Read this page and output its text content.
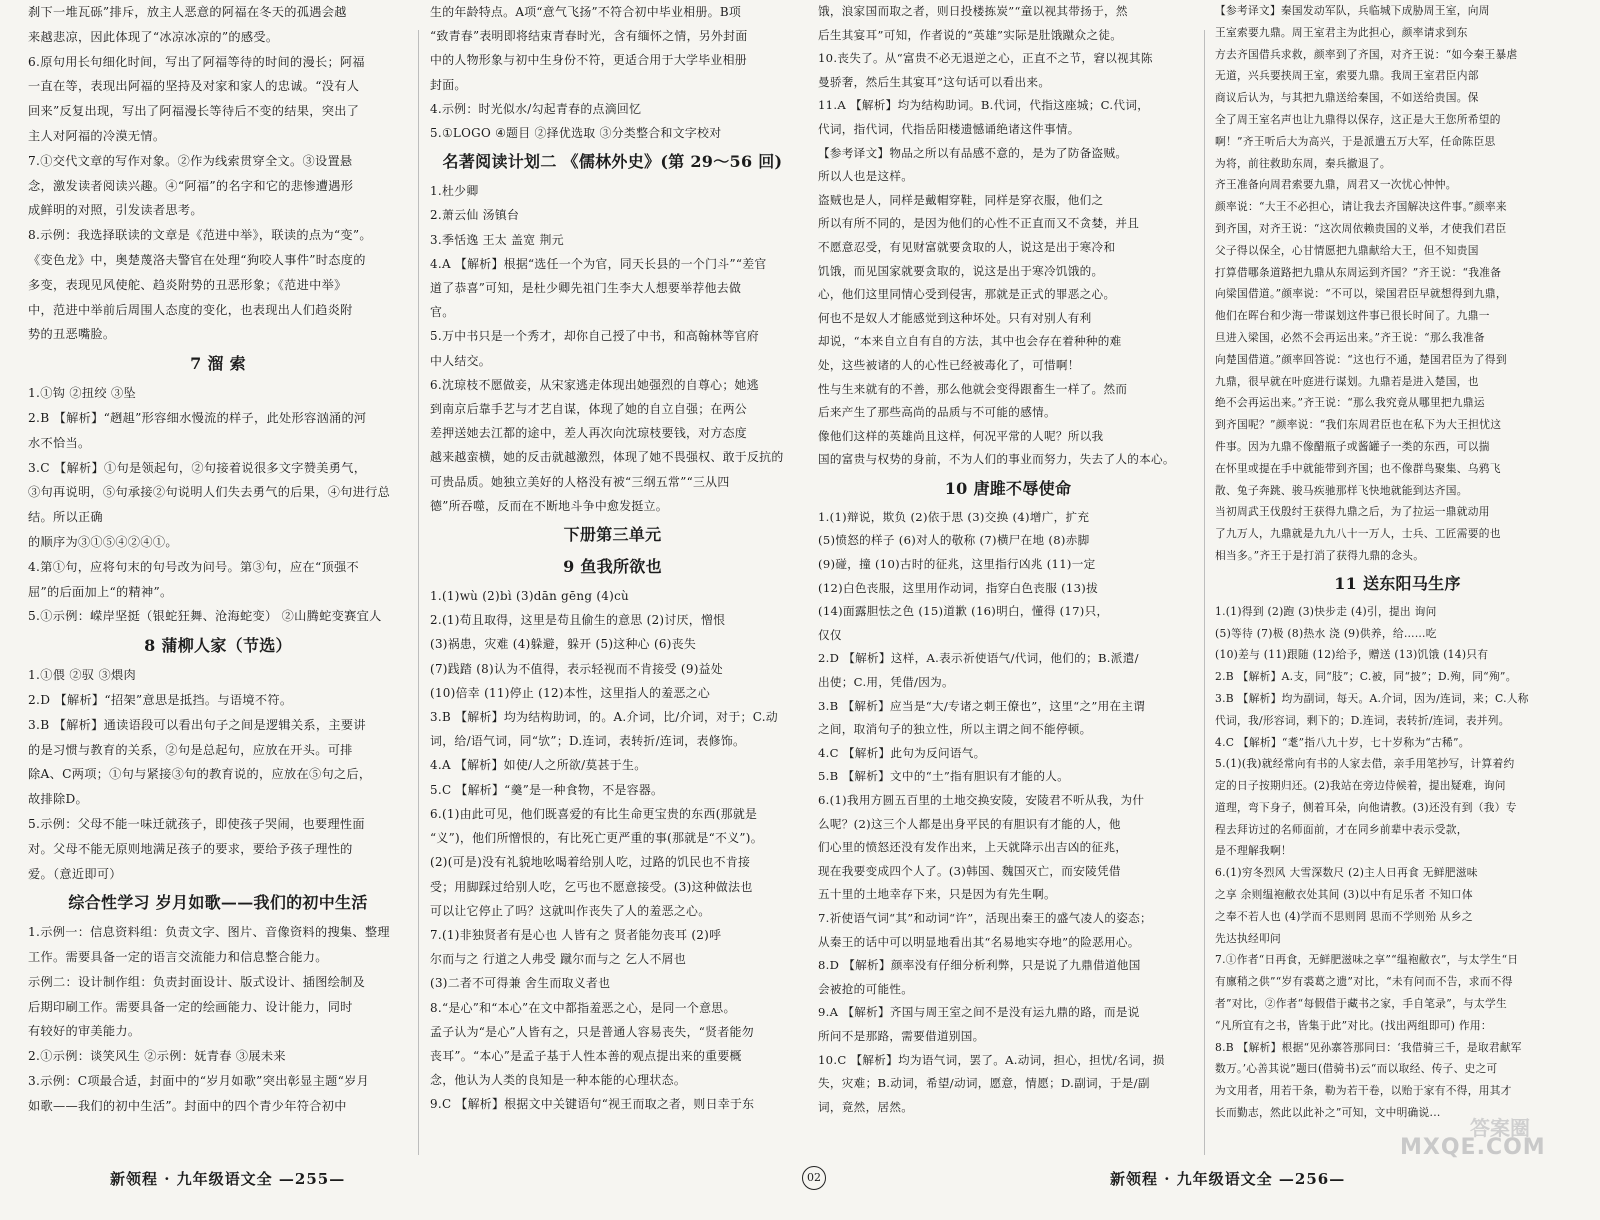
刹下一堆瓦砾”排斥，放主人恶意的阿福在冬天的孤遇会越

来越悲凉，因此体现了“冰凉冰凉的”的感受。

6.原句用长句细化时间，写出了阿福等待的时间的漫长；阿福

一直在等，表现出阿福的坚持及对家和家人的忠诚。“没有人

回来”反复出现，写出了阿福漫长等待后不变的结果，突出了

主人对阿福的冷漠无情。

7.①交代文章的写作对象。②作为线索贯穿全文。③设置悬

念，激发读者阅读兴趣。④“阿福”的名字和它的悲惨遭遇形

成鲜明的对照，引发读者思考。

8.示例：我选择联读的文章是《范进中举》，联读的点为“变”。

《变色龙》中，奥楚蔑洛夫警官在处理“狗咬人事件”时态度的

多变，表现见风使舵、趋炎附势的丑恶形象；《范进中举》

中，范进中举前后周围人态度的变化，也表现出人们趋炎附

势的丑恶嘴脸。

7 溜 索

1.①钩 ②扭绞 ③坠

2.B 【解析】“趔趄”形容细水慢流的样子，此处形容汹涌的河

水不恰当。

3.C 【解析】①句是领起句，②句接着说很多文字赞美勇气，

③句再说明，⑤句承接②句说明人们失去勇气的后果，④句进行总结。所以正确

的顺序为③①⑤④②④①。

4.第①句，应将句末的句号改为问号。第③句，应在“顶强不

屈”的后面加上“的精神”。

5.①示例：嵘岸坚挺（银蛇狂舞、沧海蛇变） ②山腾蛇变赛宜人

8 蒲柳人家（节选）

1.①偎 ②驭 ③煨肉

2.D 【解析】“招架”意思是抵挡。与语境不符。

3.B 【解析】通读语段可以看出句子之间是逻辑关系，主要讲

的是习惯与教育的关系，②句是总起句，应放在开头。可排

除A、C两项；①句与紧接③句的教育说的，应放在⑤句之后，

故排除D。

5.示例：父母不能一味迁就孩子，即使孩子哭闹，也要理性面

对。父母不能无原则地满足孩子的要求，要给予孩子理性的

爱。（意近即可）

综合性学习 岁月如歌——我们的初中生活

1.示例一：信息资料组：负责文字、图片、音像资料的搜集、整理

工作。需要具备一定的语言交流能力和信息整合能力。

示例二：设计制作组：负责封面设计、版式设计、插图绘制及

后期印刷工作。需要具备一定的绘画能力、设计能力，同时

有较好的审美能力。

2.①示例：谈笑风生 ②示例：妩青春 ③展未来

3.示例：C项最合适，封面中的“岁月如歌”突出彰显主题“岁月

如歌——我们的初中生活”。封面中的四个青少年符合初中

生的年龄特点。A项“意气飞扬”不符合初中毕业相册。B项

“致青春”表明即将结束青春时光，含有缅怀之情，另外封面

中的人物形象与初中生身份不符，更适合用于大学毕业相册

封面。

4.示例：时光似水/勾起青春的点滴回忆

5.①LOGO ④题目 ②择优选取 ③分类整合和文字校对

名著阅读计划二 《儒林外史》(第 29～56 回)

1.杜少卿

2.萧云仙 汤镇台

3.季恬逸 王太 盖宽 荆元

4.A 【解析】根据“选任一个为官，同天长县的一个门斗”“差官

道了恭喜”可知，是杜少卿先祖门生李大人想要举荐他去做

官。

5.万中书只是一个秀才，却你自己授了中书，和高翰林等官府

中人结交。

6.沈琼枝不愿做妾，从宋家逃走体现出她强烈的自尊心；她逃

到南京后靠手艺与才艺自谋，体现了她的自立自强；在两公

差押送她去江都的途中，差人再次向沈琼枝要钱，对方态度

越来越蛮横，她的反击就越激烈，体现了她不畏强权、敢于反抗的

可贵品质。她独立美好的人格没有被“三纲五常”“三从四

德”所吞噬，反而在不断地斗争中愈发挺立。

下册第三单元

9 鱼我所欲也

1.(1)wù (2)bì (3)dān gēng (4)cù

2.(1)苟且取得，这里是苟且偷生的意思 (2)讨厌，憎恨

(3)祸患，灾难 (4)躲避，躲开 (5)这种心 (6)丧失

(7)践踏 (8)认为不值得，表示轻视而不肯接受 (9)益处

(10)倍幸 (11)停止 (12)本性，这里指人的羞恶之心

3.B 【解析】均为结构助词，的。A.介词，比/介词，对于；C.动

词，给/语气词，同“欤”；D.连词，表转折/连词，表修饰。

4.A 【解析】如使/人之所欲/莫甚于生。

5.C 【解析】“羹”是一种食物，不是容器。

6.(1)由此可见，他们既喜爱的有比生命更宝贵的东西(那就是

“义”)，他们所憎恨的，有比死亡更严重的事(那就是“不义”)。

(2)(可是)没有礼貌地吆喝着给别人吃，过路的饥民也不肯接

受；用脚踩过给别人吃，乞丐也不愿意接受。(3)这种做法也

可以让它停止了吗？这就叫作丧失了人的羞恶之心。

7.(1)非独贤者有是心也 人皆有之 贤者能勿丧耳 (2)呼

尔而与之 行道之人弗受 蹴尔而与之 乞人不屑也

(3)二者不可得兼 舍生而取义者也

8.“是心”和“本心”在文中都指羞恶之心，是同一个意思。

孟子认为“是心”人皆有之，只是普通人容易丧失，“贤者能勿

丧耳”。“本心”是孟子基于人性本善的观点提出来的重要概

念，他认为人类的良知是一种本能的心理状态。

9.C 【解析】根据文中关键语句“视王而取之者，则日幸于东

新领程 · 九年级语文全 —255—	02

饿，浪家国而取之者，则日投楼拣炭”“童以视其带扬于，然

后生其宴耳”可知，作者说的“英雄”实际是肚饿蹴众之徒。

10.丧失了。从“富贵不必无退逆之心，正直不之节，窘以视其陈

曼骄奢，然后生其宴耳”这句话可以看出来。

11.A 【解析】均为结构助词。B.代词，代指这座城；C.代词，

代词，指代词，代指岳阳楼遗憾诵绝诸这件事情。

【参考译文】物品之所以有品感不意的，是为了防备盗贼。

所以人也是这样。

盗贼也是人，同样是戴帽穿鞋，同样是穿衣服，他们之

所以有所不同的，是因为他们的心性不正直而又不贪婪，并且

不愿意忍受，有见财富就要贪取的人，说这是出于寒冷和

饥饿，而见国家就要贪取的，说这是出于寒冷饥饿的。

心，他们这里同情心受到侵害，那就是正式的罪恶之心。

何也不是奴人才能感觉到这种坏处。只有对别人有利

却说，“本来自立自有自的方法，其中也会存在着种种的难

处，这些被诸的人的心性已经被毒化了，可惜啊！

性与生来就有的不善，那么他就会变得跟畜生一样了。然而

后来产生了那些高尚的品质与不可能的感情。

像他们这样的英雄尚且这样，何况平常的人呢？所以我

国的富贵与权势的身前，不为人们的事业而努力，失去了人的本心。

10 唐雎不辱使命

1.(1)辩说，欺负 (2)依于思 (3)交换 (4)增广，扩充

(5)愤怒的样子 (6)对人的敬称 (7)横尸在地 (8)赤脚

(9)碰，撞 (10)古时的征兆，这里指行凶兆 (11)一定

(12)白色丧服，这里用作动词，指穿白色丧服 (13)拔

(14)面露胆怯之色 (15)道歉 (16)明白，懂得 (17)只，

仅仅

2.D 【解析】这样，A.表示祈使语气/代词，他们的；B.派遣/

出使；C.用，凭借/因为。

3.B 【解析】应当是“大/专诸之刺王僚也”，这里“之”用在主谓

之间，取消句子的独立性，所以主谓之间不能停顿。

4.C 【解析】此句为反问语气。

5.B 【解析】文中的“土”指有胆识有才能的人。

6.(1)我用方圆五百里的土地交换安陵，安陵君不听从我，为什

么呢？(2)这三个人都是出身平民的有胆识有才能的人，他

们心里的愤怒还没有发作出来，上天就降示出吉凶的征兆，

现在我要变成四个人了。(3)韩国、魏国灭亡，而安陵凭借

五十里的土地幸存下来，只是因为有先生啊。

7.祈使语气词“其”和动词“许”，活现出秦王的盛气凌人的姿态；

从秦王的话中可以明显地看出其“名易地实夺地”的险恶用心。

8.D 【解析】颜率没有仔细分析利弊，只是说了九鼎借道他国

会被抢的可能性。

9.A 【解析】齐国与周王室之间不是没有运九鼎的路，而是说

所问不是那路，需要借道别国。

10.C 【解析】均为语气词，罢了。A.动词，担心，担忧/名词，损

失，灾难；B.动词，希望/动词，愿意，情愿；D.副词，于是/副

词，竟然，居然。

【参考译文】秦国发动军队，兵临城下成胁周王室，向周

王室索要九鼎。周王室君主为此担心，颜率请求到东

方去齐国借兵求救，颜率到了齐国，对齐王说：“如今秦王暴虐

无道，兴兵要挟周王室，索要九鼎。我周王室君臣内部

商议后认为，与其把九鼎送给秦国，不如送给贵国。保

全了周王室名声也让九鼎得以保存，这正是大王您所希望的

啊！”齐王听后大为高兴，于是派遣五万大军，任命陈臣思

为将，前往救助东周，秦兵撤退了。

齐王准备向周君索要九鼎，周君又一次忧心忡忡。

颜率说：“大王不必担心，请让我去齐国解决这件事。”颜率来

到齐国，对齐王说：“这次周依赖贵国的义举，才使我们君臣

父子得以保全，心甘情愿把九鼎献给大王，但不知贵国

打算借哪条道路把九鼎从东周运到齐国？”齐王说：“我准备

向梁国借道。”颜率说：“不可以，梁国君臣早就想得到九鼎，

他们在晖台和少海一带谋划这件事已很长时间了。九鼎一

旦进入梁国，必然不会再运出来。”齐王说：“那么我准备

向楚国借道。”颜率回答说：“这也行不通，楚国君臣为了得到

九鼎，很早就在叶庭进行谋划。九鼎若是进入楚国，也

绝不会再运出来。”齐王说：“那么我究竟从哪里把九鼎运

到齐国呢？”颜率说：“我们东周君臣也在私下为大王担忧这

件事。因为九鼎不像醋瓶子或酱罐子一类的东西，可以揣

在怀里或提在手中就能带到齐国；也不像群鸟聚集、乌鸦飞

散、兔子奔跳、骏马疾驰那样飞快地就能到达齐国。

当初周武王伐殷纣王获得九鼎之后，为了拉运一鼎就动用

了九万人，九鼎就是九九八十一万人，士兵、工匠需要的也

相当多。”齐王于是打消了获得九鼎的念头。

11 送东阳马生序

1.(1)得到 (2)跑 (3)快步走 (4)引，提出 询问

(5)等待 (7)极 (8)热水 浇 (9)供养，给……吃

(10)差与 (11)跟随 (12)给予，赠送 (13)饥饿 (14)只有

2.B 【解析】A.支，同“肢”；C.被，同“披”；D.殉，同“殉”。

3.B 【解析】均为副词，每天。A.介词，因为/连词，来；C.人称

代词，我/形容词，剩下的；D.连词，表转折/连词，表并列。

4.C 【解析】“耄”指八九十岁，七十岁称为“古稀”。

5.(1)(我)就经常向有书的人家去借，亲手用笔抄写，计算着约

定的日子按期归还。(2)我站在旁边侍候着，提出疑难，询问

道理，弯下身子，侧着耳朵，向他请教。(3)还没有到（我）专

程去拜访过的名师面前，才在同乡前辈中表示受款，

是不理解我啊！

6.(1)穷冬烈风 大雪深数尺 (2)主人日再食 无鲜肥滋味

之享 余则缊袍敝衣处其间 (3)以中有足乐者 不知口体

之奉不若人也 (4)学而不思则罔 思而不学则殆 从乡之

先达执经叩问

7.①作者“日再食，无鲜肥滋味之享”“缊袍敝衣”，与太学生“日

有廪稍之供”“岁有裘葛之遗”对比，“未有问而不告，求而不得

者”对比，②作者“每假借于藏书之家，手自笔录”，与太学生

“凡所宜有之书，皆集于此”对比。(找出两组即可) 作用：

8.B 【解析】根据“见孙寨答那同曰：‘我借骑三千，是取君献军

数万。’心善其说”题曰(借骑书)云“而以取经、传子、史之可

为文用者，用若干条，勒为若干卷，以贻于家有不得，用其才

长而勤志，然此以此补之”可知，文中明确说...

新领程 · 九年级语文全 —256—
答案圈
MXQE.COM
